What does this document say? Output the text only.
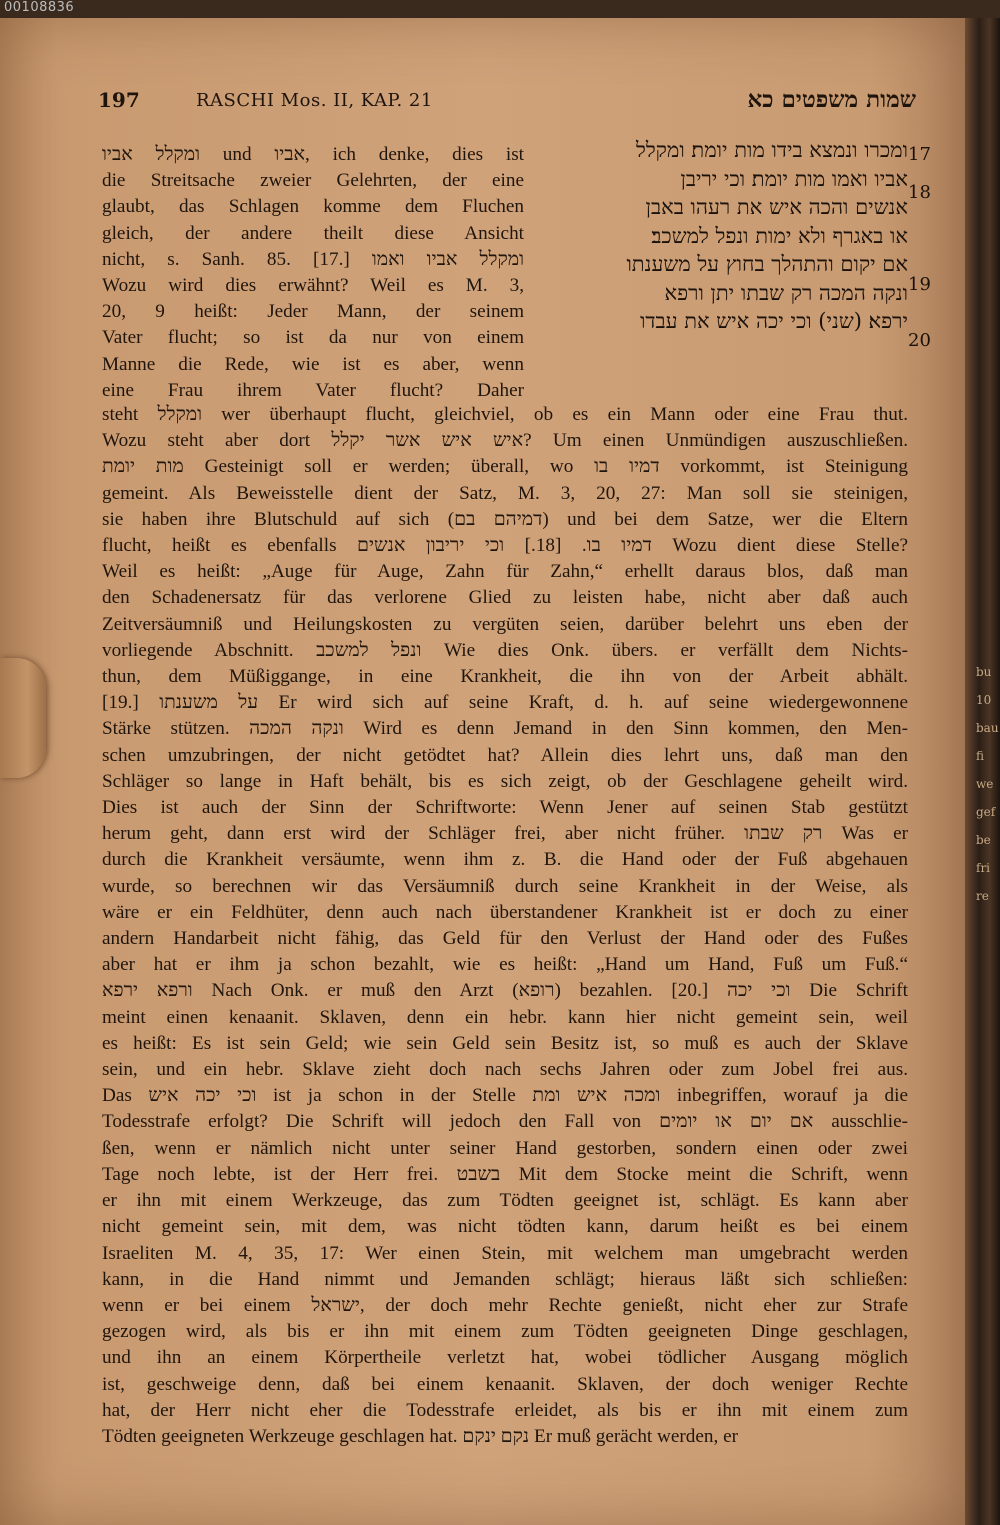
00108836
197	RASCHI Mos. II, KAP. 21	שמות משפטים כא
ומכרו ונמצא בידו מות יומת׃ ומקלל
אביו ואמו מות יומת׃ וכי יריבן
אנשים והכה איש את רעהו באבן
או באגרף ולא ימות ונפל למשכב׃
אם יקום והתהלך בחוץ על משענתו
ונקה המכה רק שבתו יתן ורפא
ירפא׃ (שני) וכי יכה איש את עבדו
17
18
19
20
ומקלל אביו und אביו, ich denke, dies ist
die Streitsache zweier Gelehrten, der eine
glaubt, das Schlagen komme dem Fluchen
gleich, der andere theilt diese Ansicht
nicht, s. Sanh. 85. [17.] ומקלל אביו ואמו
Wozu wird dies erwähnt? Weil es M. 3,
20, 9 heißt: Jeder Mann, der seinem
Vater flucht; so ist da nur von einem
Manne die Rede, wie ist es aber, wenn
eine Frau ihrem Vater flucht? Daher
steht ומקלל wer überhaupt flucht, gleichviel, ob es ein Mann oder eine Frau thut.
Wozu steht aber dort איש איש אשר יקלל? Um einen Unmündigen auszuschließen.
מות יומת Gesteinigt soll er werden; überall, wo דמיו בו vorkommt, ist Steinigung
gemeint. Als Beweisstelle dient der Satz, M. 3, 20, 27: Man soll sie steinigen,
sie haben ihre Blutschuld auf sich (דמיהם בם) und bei dem Satze, wer die Eltern
flucht, heißt es ebenfalls דמיו בו. [18.] וכי יריבון אנשים Wozu dient diese Stelle?
Weil es heißt: „Auge für Auge, Zahn für Zahn,“ erhellt daraus blos, daß man
den Schadenersatz für das verlorene Glied zu leisten habe, nicht aber daß auch
Zeitversäumniß und Heilungskosten zu vergüten seien, darüber belehrt uns eben der
vorliegende Abschnitt. ונפל למשכב Wie dies Onk. übers. er verfällt dem Nichts-
thun, dem Müßiggange, in eine Krankheit, die ihn von der Arbeit abhält.
[19.] על משענתו Er wird sich auf seine Kraft, d. h. auf seine wiedergewonnene
Stärke stützen. ונקה המכה Wird es denn Jemand in den Sinn kommen, den Men-
schen umzubringen, der nicht getödtet hat? Allein dies lehrt uns, daß man den
Schläger so lange in Haft behält, bis es sich zeigt, ob der Geschlagene geheilt wird.
Dies ist auch der Sinn der Schriftworte: Wenn Jener auf seinen Stab gestützt
herum geht, dann erst wird der Schläger frei, aber nicht früher. רק שבתו Was er
durch die Krankheit versäumte, wenn ihm z. B. die Hand oder der Fuß abgehauen
wurde, so berechnen wir das Versäumniß durch seine Krankheit in der Weise, als
wäre er ein Feldhüter, denn auch nach überstandener Krankheit ist er doch zu einer
andern Handarbeit nicht fähig, das Geld für den Verlust der Hand oder des Fußes
aber hat er ihm ja schon bezahlt, wie es heißt: „Hand um Hand, Fuß um Fuß.“
ורפא ירפא Nach Onk. er muß den Arzt (רופא) bezahlen. [20.] וכי יכה Die Schrift
meint einen kenaanit. Sklaven, denn ein hebr. kann hier nicht gemeint sein, weil
es heißt: Es ist sein Geld; wie sein Geld sein Besitz ist, so muß es auch der Sklave
sein, und ein hebr. Sklave zieht doch nach sechs Jahren oder zum Jobel frei aus.
Das וכי יכה איש ist ja schon in der Stelle ומכה איש ומת inbegriffen, worauf ja die
Todesstrafe erfolgt? Die Schrift will jedoch den Fall von אם יום או יומים ausschlie-
ßen, wenn er nämlich nicht unter seiner Hand gestorben, sondern einen oder zwei
Tage noch lebte, ist der Herr frei. בשבט Mit dem Stocke meint die Schrift, wenn
er ihn mit einem Werkzeuge, das zum Tödten geeignet ist, schlägt. Es kann aber
nicht gemeint sein, mit dem, was nicht tödten kann, darum heißt es bei einem
Israeliten M. 4, 35, 17: Wer einen Stein, mit welchem man umgebracht werden
kann, in die Hand nimmt und Jemanden schlägt; hieraus läßt sich schließen:
wenn er bei einem ישראל, der doch mehr Rechte genießt, nicht eher zur Strafe
gezogen wird, als bis er ihn mit einem zum Tödten geeigneten Dinge geschlagen,
und ihn an einem Körpertheile verletzt hat, wobei tödlicher Ausgang möglich
ist, geschweige denn, daß bei einem kenaanit. Sklaven, der doch weniger Rechte
hat, der Herr nicht eher die Todesstrafe erleidet, als bis er ihn mit einem zum
Tödten geeigneten Werkzeuge geschlagen hat. נקם ינקם Er muß gerächt werden, er
bu
10
bau
fi
we
gef
be
fri
re
